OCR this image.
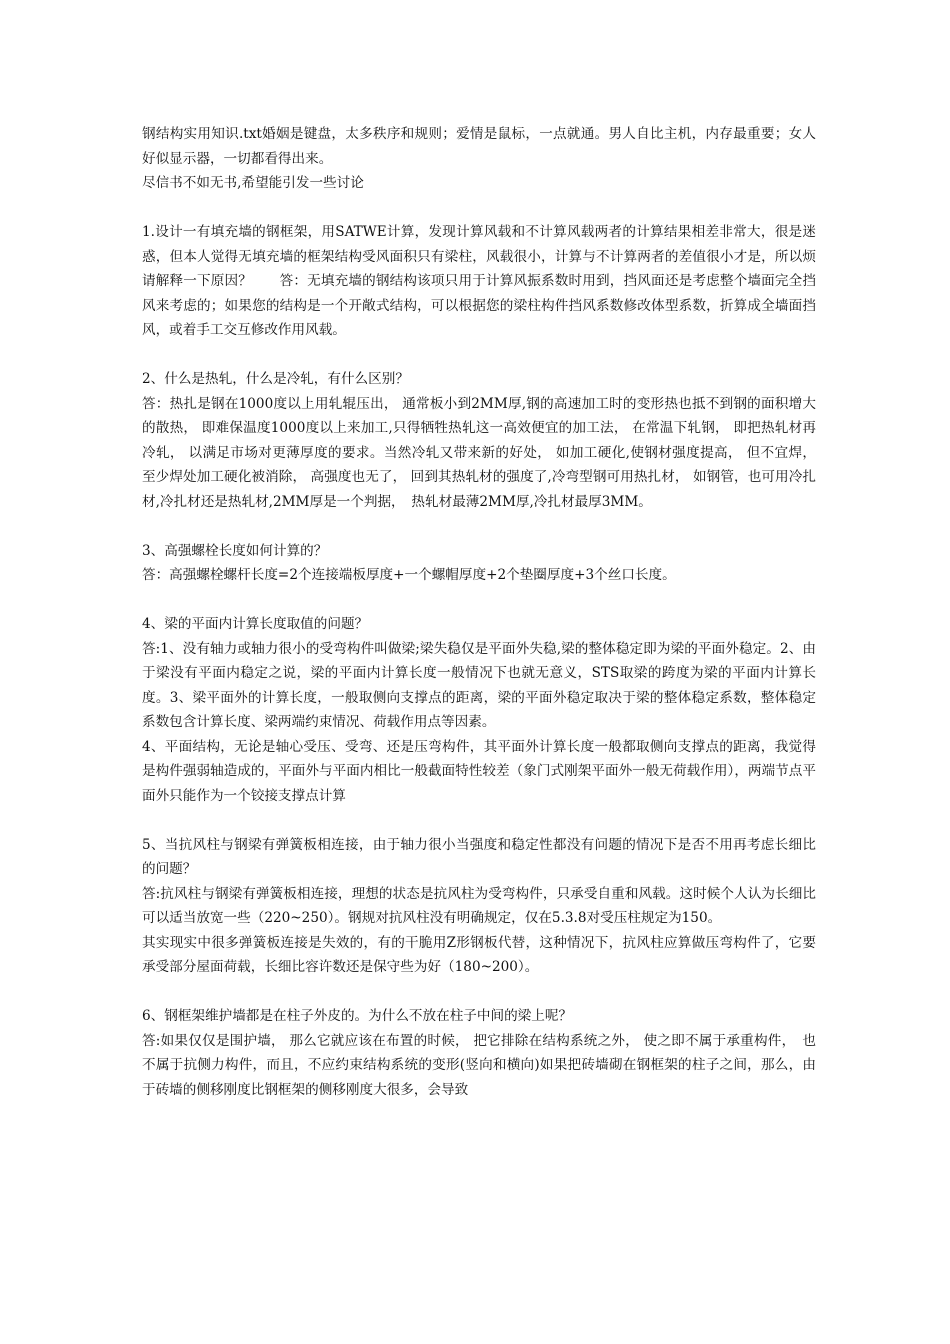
钢结构实用知识.txt婚姻是键盘，太多秩序和规则；爱情是鼠标，一点就通。男人自比主机，内存最重要；女人好似显示器，一切都看得出来。

尽信书不如无书,希望能引发一些讨论

1.设计一有填充墙的钢框架，用SATWE计算，发现计算风载和不计算风载两者的计算结果相差非常大，很是迷惑，但本人觉得无填充墙的框架结构受风面积只有梁柱，风载很小，计算与不计算两者的差值很小才是，所以烦请解释一下原因？　　答：无填充墙的钢结构该项只用于计算风振系数时用到，挡风面还是考虑整个墙面完全挡风来考虑的；如果您的结构是一个开敞式结构，可以根据您的梁柱构件挡风系数修改体型系数，折算成全墙面挡风，或着手工交互修改作用风载。

2、什么是热轧，什么是冷轧，有什么区别？

答：热扎是钢在1000度以上用轧辊压出， 通常板小到2MM厚,钢的高速加工时的变形热也抵不到钢的面积增大的散热， 即难保温度1000度以上来加工,只得牺牲热轧这一高效便宜的加工法， 在常温下轧钢， 即把热轧材再冷轧， 以满足市场对更薄厚度的要求。当然冷轧又带来新的好处， 如加工硬化,使钢材强度提高， 但不宜焊， 至少焊处加工硬化被消除， 高强度也无了， 回到其热轧材的强度了,冷弯型钢可用热扎材， 如钢管，也可用冷扎材,冷扎材还是热轧材,2MM厚是一个判据，　热轧材最薄2MM厚,冷扎材最厚3MM。

3、高强螺栓长度如何计算的？

答：高强螺栓螺杆长度=2个连接端板厚度+一个螺帽厚度+2个垫圈厚度+3个丝口长度。

4、梁的平面内计算长度取值的问题？

答:1、没有轴力或轴力很小的受弯构件叫做梁;梁失稳仅是平面外失稳,梁的整体稳定即为梁的平面外稳定。2、由于梁没有平面内稳定之说，梁的平面内计算长度一般情况下也就无意义，STS取梁的跨度为梁的平面内计算长度。3、梁平面外的计算长度，一般取侧向支撑点的距离，梁的平面外稳定取决于梁的整体稳定系数，整体稳定系数包含计算长度、梁两端约束情况、荷载作用点等因素。

4、平面结构，无论是轴心受压、受弯、还是压弯构件，其平面外计算长度一般都取侧向支撑点的距离，我觉得是构件强弱轴造成的，平面外与平面内相比一般截面特性较差（象门式刚架平面外一般无荷载作用），两端节点平面外只能作为一个铰接支撑点计算

5、当抗风柱与钢梁有弹簧板相连接，由于轴力很小当强度和稳定性都没有问题的情况下是否不用再考虑长细比的问题？

答:抗风柱与钢梁有弹簧板相连接，理想的状态是抗风柱为受弯构件，只承受自重和风载。这时候个人认为长细比可以适当放宽一些（220~250）。钢规对抗风柱没有明确规定，仅在5.3.8对受压柱规定为150。

其实现实中很多弹簧板连接是失效的，有的干脆用Z形钢板代替，这种情况下，抗风柱应算做压弯构件了，它要承受部分屋面荷载，长细比容许数还是保守些为好（180~200）。

6、钢框架维护墙都是在柱子外皮的。为什么不放在柱子中间的梁上呢？

答:如果仅仅是围护墙， 那么它就应该在布置的时候， 把它排除在结构系统之外， 使之即不属于承重构件，　也不属于抗侧力构件，而且，不应约束结构系统的变形(竖向和横向)如果把砖墙砌在钢框架的柱子之间，那么，由于砖墙的侧移刚度比钢框架的侧移刚度大很多，会导致
